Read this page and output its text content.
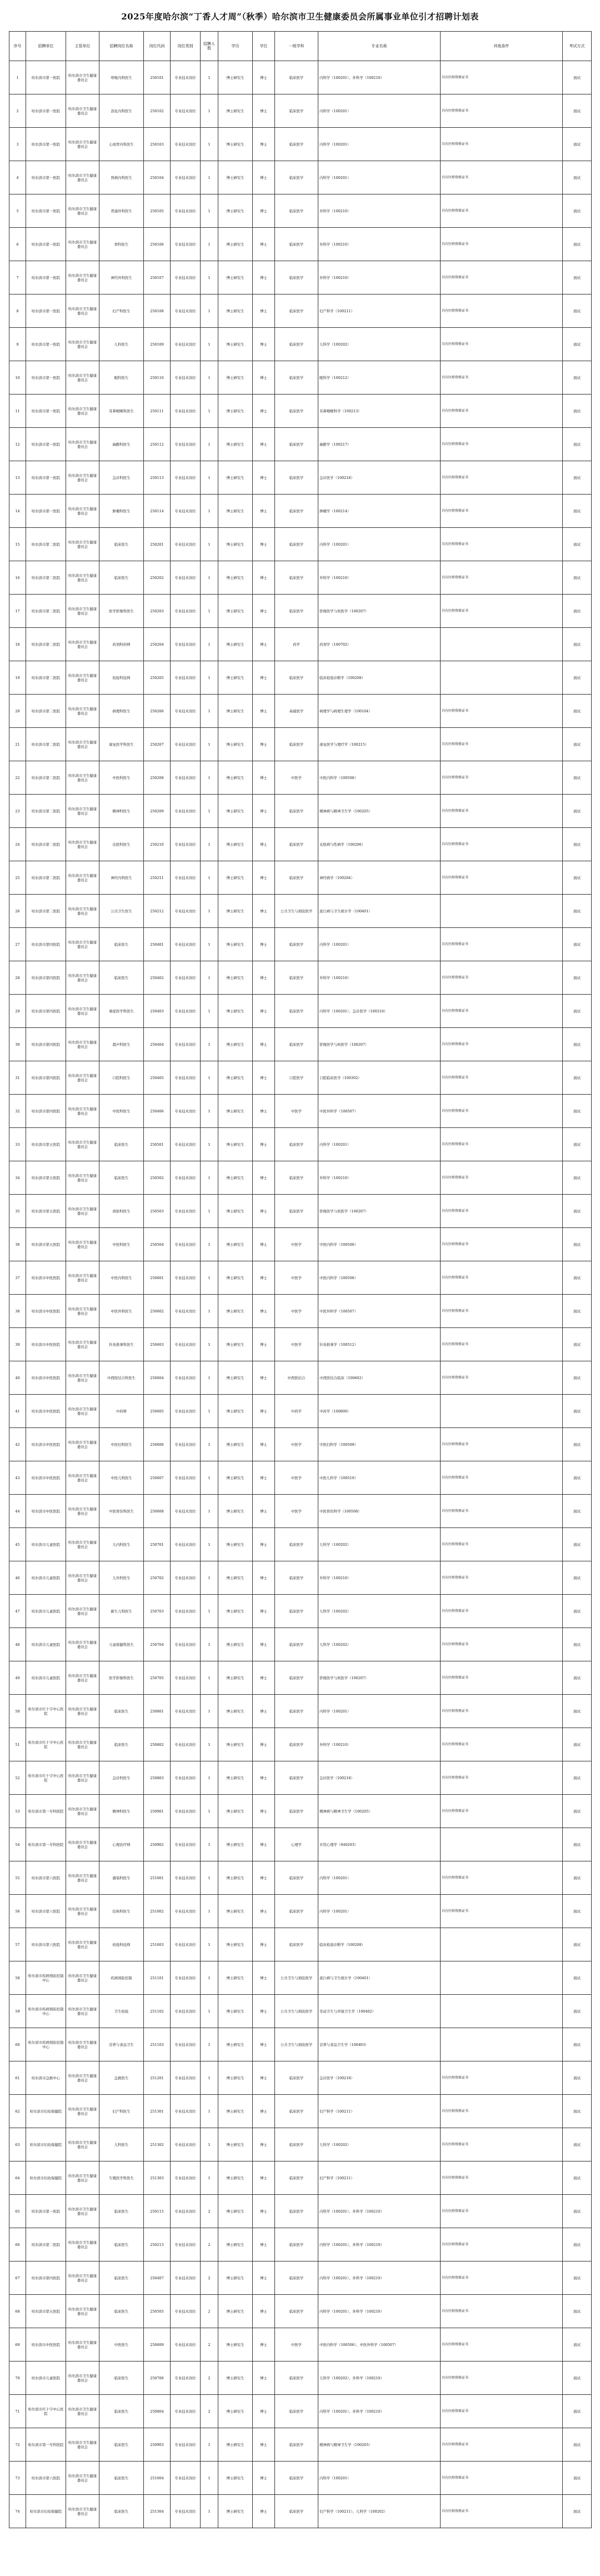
2025年度哈尔滨“丁香人才周”（秋季）哈尔滨市卫生健康委员会所属事业单位引才招聘计划表
序号	招聘单位	主管单位	招聘岗位名称	岗位代码	岗位类别	招聘人数	学历	学位	一级学科	专业名称	其他条件	考试方式
1	哈尔滨市第一医院	哈尔滨市卫生健康委员会	呼吸内科医生	250101	专业技术岗位	1	博士研究生	博士	临床医学	内科学（100201）、外科学（100210）	具有医师资格证书	面试
2	哈尔滨市第一医院	哈尔滨市卫生健康委员会	消化内科医生	250102	专业技术岗位	1	博士研究生	博士	临床医学	内科学（100201）	具有医师资格证书	面试
3	哈尔滨市第一医院	哈尔滨市卫生健康委员会	心血管内科医生	250103	专业技术岗位	1	博士研究生	博士	临床医学	内科学（100201）	具有医师资格证书	面试
4	哈尔滨市第一医院	哈尔滨市卫生健康委员会	肾病内科医生	250104	专业技术岗位	1	博士研究生	博士	临床医学	内科学（100201）	具有医师资格证书	面试
5	哈尔滨市第一医院	哈尔滨市卫生健康委员会	普通外科医生	250105	专业技术岗位	1	博士研究生	博士	临床医学	外科学（100210）	具有医师资格证书	面试
6	哈尔滨市第一医院	哈尔滨市卫生健康委员会	骨科医生	250106	专业技术岗位	1	博士研究生	博士	临床医学	外科学（100210）	具有医师资格证书	面试
7	哈尔滨市第一医院	哈尔滨市卫生健康委员会	神经外科医生	250107	专业技术岗位	1	博士研究生	博士	临床医学	外科学（100210）	具有医师资格证书	面试
8	哈尔滨市第一医院	哈尔滨市卫生健康委员会	妇产科医生	250108	专业技术岗位	1	博士研究生	博士	临床医学	妇产科学（100211）	具有医师资格证书	面试
9	哈尔滨市第一医院	哈尔滨市卫生健康委员会	儿科医生	250109	专业技术岗位	1	博士研究生	博士	临床医学	儿科学（100202）	具有医师资格证书	面试
10	哈尔滨市第一医院	哈尔滨市卫生健康委员会	眼科医生	250110	专业技术岗位	1	博士研究生	博士	临床医学	眼科学（100212）	具有医师资格证书	面试
11	哈尔滨市第一医院	哈尔滨市卫生健康委员会	耳鼻咽喉科医生	250111	专业技术岗位	1	博士研究生	博士	临床医学	耳鼻咽喉科学（100213）	具有医师资格证书	面试
12	哈尔滨市第一医院	哈尔滨市卫生健康委员会	麻醉科医生	250112	专业技术岗位	1	博士研究生	博士	临床医学	麻醉学（100217）	具有医师资格证书	面试
13	哈尔滨市第一医院	哈尔滨市卫生健康委员会	急诊科医生	250113	专业技术岗位	1	博士研究生	博士	临床医学	急诊医学（100218）	具有医师资格证书	面试
14	哈尔滨市第一医院	哈尔滨市卫生健康委员会	肿瘤科医生	250114	专业技术岗位	1	博士研究生	博士	临床医学	肿瘤学（100214）	具有医师资格证书	面试
15	哈尔滨市第二医院	哈尔滨市卫生健康委员会	临床医生	250201	专业技术岗位	1	博士研究生	博士	临床医学	内科学（100201）	具有医师资格证书	面试
16	哈尔滨市第二医院	哈尔滨市卫生健康委员会	临床医生	250202	专业技术岗位	1	博士研究生	博士	临床医学	外科学（100210）	具有医师资格证书	面试
17	哈尔滨市第二医院	哈尔滨市卫生健康委员会	医学影像科医生	250203	专业技术岗位	1	博士研究生	博士	临床医学	影像医学与核医学（100207）	具有医师资格证书	面试
18	哈尔滨市第二医院	哈尔滨市卫生健康委员会	药剂科药师	250204	专业技术岗位	1	博士研究生	博士	药学	药剂学（100702）		面试
19	哈尔滨市第二医院	哈尔滨市卫生健康委员会	检验科技师	250205	专业技术岗位	1	博士研究生	博士	临床医学	临床检验诊断学（100208）		面试
20	哈尔滨市第二医院	哈尔滨市卫生健康委员会	病理科医生	250206	专业技术岗位	1	博士研究生	博士	基础医学	病理学与病理生理学（100104）	具有医师资格证书	面试
21	哈尔滨市第二医院	哈尔滨市卫生健康委员会	康复医学科医生	250207	专业技术岗位	1	博士研究生	博士	临床医学	康复医学与理疗学（100215）	具有医师资格证书	面试
22	哈尔滨市第二医院	哈尔滨市卫生健康委员会	中医科医生	250208	专业技术岗位	1	博士研究生	博士	中医学	中医内科学（100506）	具有医师资格证书	面试
23	哈尔滨市第二医院	哈尔滨市卫生健康委员会	精神科医生	250209	专业技术岗位	1	博士研究生	博士	临床医学	精神病与精神卫生学（100205）	具有医师资格证书	面试
24	哈尔滨市第二医院	哈尔滨市卫生健康委员会	皮肤科医生	250210	专业技术岗位	1	博士研究生	博士	临床医学	皮肤病与性病学（100206）	具有医师资格证书	面试
25	哈尔滨市第二医院	哈尔滨市卫生健康委员会	神经内科医生	250211	专业技术岗位	1	博士研究生	博士	临床医学	神经病学（100204）	具有医师资格证书	面试
26	哈尔滨市第二医院	哈尔滨市卫生健康委员会	公共卫生医生	250212	专业技术岗位	1	博士研究生	博士	公共卫生与预防医学	流行病与卫生统计学（100401）		面试
27	哈尔滨市第四医院	哈尔滨市卫生健康委员会	临床医生	250401	专业技术岗位	1	博士研究生	博士	临床医学	内科学（100201）	具有医师资格证书	面试
28	哈尔滨市第四医院	哈尔滨市卫生健康委员会	临床医生	250402	专业技术岗位	1	博士研究生	博士	临床医学	外科学（100210）	具有医师资格证书	面试
29	哈尔滨市第四医院	哈尔滨市卫生健康委员会	重症医学科医生	250403	专业技术岗位	1	博士研究生	博士	临床医学	内科学（100201）、急诊医学（100218）	具有医师资格证书	面试
30	哈尔滨市第四医院	哈尔滨市卫生健康委员会	超声科医生	250404	专业技术岗位	1	博士研究生	博士	临床医学	影像医学与核医学（100207）	具有医师资格证书	面试
31	哈尔滨市第四医院	哈尔滨市卫生健康委员会	口腔科医生	250405	专业技术岗位	1	博士研究生	博士	口腔医学	口腔临床医学（100302）	具有医师资格证书	面试
32	哈尔滨市第四医院	哈尔滨市卫生健康委员会	中医科医生	250406	专业技术岗位	1	博士研究生	博士	中医学	中医外科学（100507）	具有医师资格证书	面试
33	哈尔滨市第五医院	哈尔滨市卫生健康委员会	临床医生	250501	专业技术岗位	1	博士研究生	博士	临床医学	内科学（100201）	具有医师资格证书	面试
34	哈尔滨市第五医院	哈尔滨市卫生健康委员会	临床医生	250502	专业技术岗位	1	博士研究生	博士	临床医学	外科学（100210）	具有医师资格证书	面试
35	哈尔滨市第五医院	哈尔滨市卫生健康委员会	放射科医生	250503	专业技术岗位	1	博士研究生	博士	临床医学	影像医学与核医学（100207）	具有医师资格证书	面试
36	哈尔滨市第五医院	哈尔滨市卫生健康委员会	中医科医生	250504	专业技术岗位	1	博士研究生	博士	中医学	中医内科学（100506）	具有医师资格证书	面试
37	哈尔滨市中医医院	哈尔滨市卫生健康委员会	中医内科医生	250601	专业技术岗位	1	博士研究生	博士	中医学	中医内科学（100506）	具有医师资格证书	面试
38	哈尔滨市中医医院	哈尔滨市卫生健康委员会	中医外科医生	250602	专业技术岗位	1	博士研究生	博士	中医学	中医外科学（100507）	具有医师资格证书	面试
39	哈尔滨市中医医院	哈尔滨市卫生健康委员会	针灸推拿科医生	250603	专业技术岗位	1	博士研究生	博士	中医学	针灸推拿学（100512）	具有医师资格证书	面试
40	哈尔滨市中医医院	哈尔滨市卫生健康委员会	中西医结合科医生	250604	专业技术岗位	1	博士研究生	博士	中西医结合	中西医结合临床（100602）	具有医师资格证书	面试
41	哈尔滨市中医医院	哈尔滨市卫生健康委员会	中药师	250605	专业技术岗位	1	博士研究生	博士	中药学	中药学（100800）		面试
42	哈尔滨市中医医院	哈尔滨市卫生健康委员会	中医妇科医生	250606	专业技术岗位	1	博士研究生	博士	中医学	中医妇科学（100509）	具有医师资格证书	面试
43	哈尔滨市中医医院	哈尔滨市卫生健康委员会	中医儿科医生	250607	专业技术岗位	1	博士研究生	博士	中医学	中医儿科学（100510）	具有医师资格证书	面试
44	哈尔滨市中医医院	哈尔滨市卫生健康委员会	中医骨伤科医生	250608	专业技术岗位	1	博士研究生	博士	中医学	中医骨伤科学（100508）	具有医师资格证书	面试
45	哈尔滨市儿童医院	哈尔滨市卫生健康委员会	儿内科医生	250701	专业技术岗位	1	博士研究生	博士	临床医学	儿科学（100202）	具有医师资格证书	面试
46	哈尔滨市儿童医院	哈尔滨市卫生健康委员会	儿外科医生	250702	专业技术岗位	1	博士研究生	博士	临床医学	外科学（100210）	具有医师资格证书	面试
47	哈尔滨市儿童医院	哈尔滨市卫生健康委员会	新生儿科医生	250703	专业技术岗位	1	博士研究生	博士	临床医学	儿科学（100202）	具有医师资格证书	面试
48	哈尔滨市儿童医院	哈尔滨市卫生健康委员会	儿童保健科医生	250704	专业技术岗位	1	博士研究生	博士	临床医学	儿科学（100202）	具有医师资格证书	面试
49	哈尔滨市儿童医院	哈尔滨市卫生健康委员会	医学影像科医生	250705	专业技术岗位	1	博士研究生	博士	临床医学	影像医学与核医学（100207）	具有医师资格证书	面试
50	哈尔滨市红十字中心医院	哈尔滨市卫生健康委员会	临床医生	250801	专业技术岗位	1	博士研究生	博士	临床医学	内科学（100201）	具有医师资格证书	面试
51	哈尔滨市红十字中心医院	哈尔滨市卫生健康委员会	临床医生	250802	专业技术岗位	1	博士研究生	博士	临床医学	外科学（100210）	具有医师资格证书	面试
52	哈尔滨市红十字中心医院	哈尔滨市卫生健康委员会	急诊科医生	250803	专业技术岗位	1	博士研究生	博士	临床医学	急诊医学（100218）	具有医师资格证书	面试
53	哈尔滨市第一专科医院	哈尔滨市卫生健康委员会	精神科医生	250901	专业技术岗位	1	博士研究生	博士	临床医学	精神病与精神卫生学（100205）	具有医师资格证书	面试
54	哈尔滨市第一专科医院	哈尔滨市卫生健康委员会	心理治疗师	250902	专业技术岗位	1	博士研究生	博士	心理学	应用心理学（040203）		面试
55	哈尔滨市第六医院	哈尔滨市卫生健康委员会	感染科医生	251001	专业技术岗位	1	博士研究生	博士	临床医学	内科学（100201）	具有医师资格证书	面试
56	哈尔滨市第六医院	哈尔滨市卫生健康委员会	结核科医生	251002	专业技术岗位	1	博士研究生	博士	临床医学	内科学（100201）	具有医师资格证书	面试
57	哈尔滨市第六医院	哈尔滨市卫生健康委员会	检验科技师	251003	专业技术岗位	1	博士研究生	博士	临床医学	临床检验诊断学（100208）		面试
58	哈尔滨市疾病预防控制中心	哈尔滨市卫生健康委员会	疾病预防控制	251101	专业技术岗位	1	博士研究生	博士	公共卫生与预防医学	流行病与卫生统计学（100401）		面试
59	哈尔滨市疾病预防控制中心	哈尔滨市卫生健康委员会	卫生检验	251102	专业技术岗位	1	博士研究生	博士	公共卫生与预防医学	劳动卫生与环境卫生学（100402）		面试
60	哈尔滨市疾病预防控制中心	哈尔滨市卫生健康委员会	营养与食品卫生	251103	专业技术岗位	1	博士研究生	博士	公共卫生与预防医学	营养与食品卫生学（100403）		面试
61	哈尔滨市急救中心	哈尔滨市卫生健康委员会	急救医生	251201	专业技术岗位	1	博士研究生	博士	临床医学	急诊医学（100218）	具有医师资格证书	面试
62	哈尔滨市妇幼保健院	哈尔滨市卫生健康委员会	妇产科医生	251301	专业技术岗位	1	博士研究生	博士	临床医学	妇产科学（100211）	具有医师资格证书	面试
63	哈尔滨市妇幼保健院	哈尔滨市卫生健康委员会	儿科医生	251302	专业技术岗位	1	博士研究生	博士	临床医学	儿科学（100202）	具有医师资格证书	面试
64	哈尔滨市妇幼保健院	哈尔滨市卫生健康委员会	生殖医学科医生	251303	专业技术岗位	1	博士研究生	博士	临床医学	妇产科学（100211）	具有医师资格证书	面试
65	哈尔滨市第一医院	哈尔滨市卫生健康委员会	临床医生	250115	专业技术岗位	2	博士研究生	博士	临床医学	内科学（100201）、外科学（100210）	具有医师资格证书	面试
66	哈尔滨市第二医院	哈尔滨市卫生健康委员会	临床医生	250213	专业技术岗位	2	博士研究生	博士	临床医学	内科学（100201）、外科学（100210）	具有医师资格证书	面试
67	哈尔滨市第四医院	哈尔滨市卫生健康委员会	临床医生	250407	专业技术岗位	2	博士研究生	博士	临床医学	内科学（100201）、外科学（100210）	具有医师资格证书	面试
68	哈尔滨市第五医院	哈尔滨市卫生健康委员会	临床医生	250505	专业技术岗位	2	博士研究生	博士	临床医学	内科学（100201）、外科学（100210）	具有医师资格证书	面试
69	哈尔滨市中医医院	哈尔滨市卫生健康委员会	中医医生	250609	专业技术岗位	2	博士研究生	博士	中医学	中医内科学（100506）、中医外科学（100507）	具有医师资格证书	面试
70	哈尔滨市儿童医院	哈尔滨市卫生健康委员会	临床医生	250706	专业技术岗位	2	博士研究生	博士	临床医学	儿科学（100202）、外科学（100210）	具有医师资格证书	面试
71	哈尔滨市红十字中心医院	哈尔滨市卫生健康委员会	临床医生	250804	专业技术岗位	2	博士研究生	博士	临床医学	内科学（100201）、外科学（100210）	具有医师资格证书	面试
72	哈尔滨市第一专科医院	哈尔滨市卫生健康委员会	临床医生	250903	专业技术岗位	1	博士研究生	博士	临床医学	精神病与精神卫生学（100205）	具有医师资格证书	面试
73	哈尔滨市第六医院	哈尔滨市卫生健康委员会	临床医生	251004	专业技术岗位	1	博士研究生	博士	临床医学	内科学（100201）	具有医师资格证书	面试
74	哈尔滨市妇幼保健院	哈尔滨市卫生健康委员会	临床医生	251304	专业技术岗位	1	博士研究生	博士	临床医学	妇产科学（100211）、儿科学（100202）	具有医师资格证书	面试
